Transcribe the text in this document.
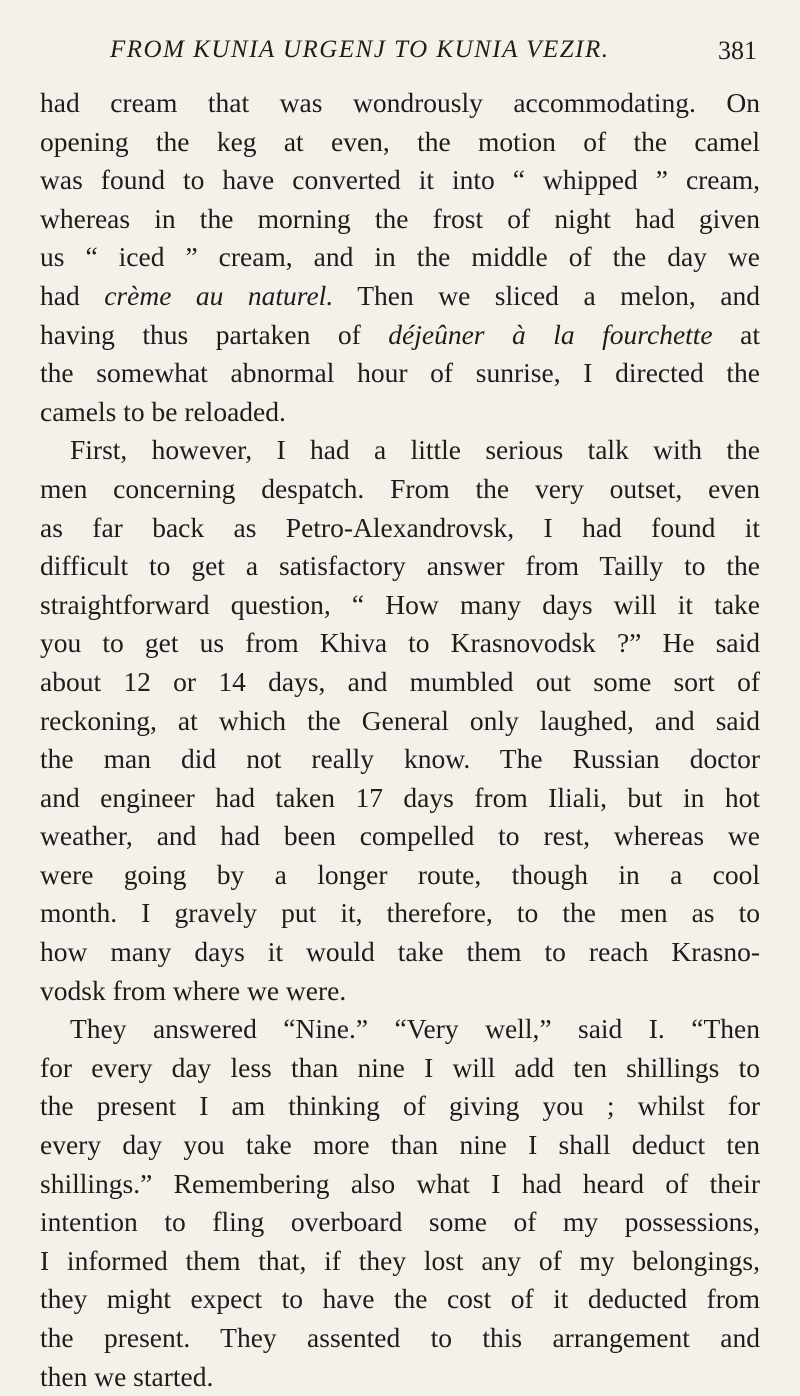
FROM KUNIA URGENJ TO KUNIA VEZIR.	381
had cream that was wondrously accommodating. On
opening the keg at even, the motion of the camel
was found to have converted it into “ whipped ” cream,
whereas in the morning the frost of night had given
us “ iced ” cream, and in the middle of the day we
had crème au naturel. Then we sliced a melon, and
having thus partaken of déjeûner à la fourchette at
the somewhat abnormal hour of sunrise, I directed the
camels to be reloaded.
First, however, I had a little serious talk with the
men concerning despatch. From the very outset, even
as far back as Petro-Alexandrovsk, I had found it
difficult to get a satisfactory answer from Tailly to the
straightforward question, “ How many days will it take
you to get us from Khiva to Krasnovodsk ?” He said
about 12 or 14 days, and mumbled out some sort of
reckoning, at which the General only laughed, and said
the man did not really know. The Russian doctor
and engineer had taken 17 days from Iliali, but in hot
weather, and had been compelled to rest, whereas we
were going by a longer route, though in a cool
month. I gravely put it, therefore, to the men as to
how many days it would take them to reach Krasno-
vodsk from where we were.
They answered “Nine.” “Very well,” said I. “Then
for every day less than nine I will add ten shillings to
the present I am thinking of giving you ; whilst for
every day you take more than nine I shall deduct ten
shillings.” Remembering also what I had heard of their
intention to fling overboard some of my possessions,
I informed them that, if they lost any of my belongings,
they might expect to have the cost of it deducted from
the present. They assented to this arrangement and
then we started.
